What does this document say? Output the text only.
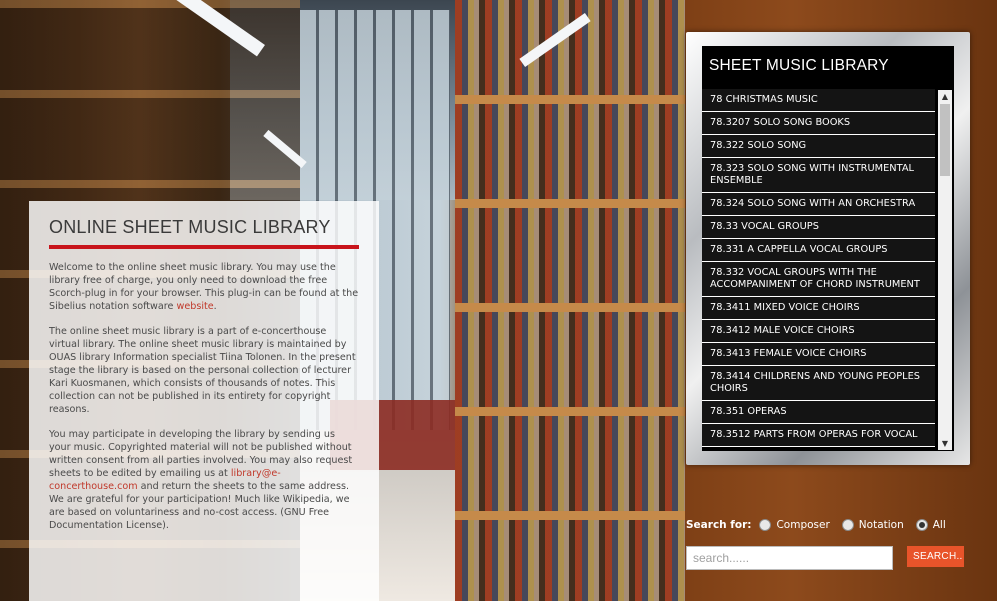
ONLINE SHEET MUSIC LIBRARY

Welcome to the online sheet music library. You may use the library free of charge, you only need to download the free Scorch-plug in for your browser. This plug-in can be found at the Sibelius notation software website.

The online sheet music library is a part of e-concerthouse virtual library. The online sheet music library is maintained by OUAS library Information specialist Tiina Tolonen. In the present stage the library is based on the personal collection of lecturer Kari Kuosmanen, which consists of thousands of notes. This collection can not be published in its entirety for copyright reasons.

You may participate in developing the library by sending us your music. Copyrighted material will not be published without written consent from all parties involved. You may also request sheets to be edited by emailing us at library@e-concerthouse.com and return the sheets to the same address. We are grateful for your participation! Much like Wikipedia, we are based on voluntariness and no-cost access. (GNU Free Documentation License).

SHEET MUSIC LIBRARY
78 CHRISTMAS MUSIC
78.3207 SOLO SONG BOOKS
78.322 SOLO SONG
78.323 SOLO SONG WITH INSTRUMENTAL ENSEMBLE
78.324 SOLO SONG WITH AN ORCHESTRA
78.33 VOCAL GROUPS
78.331 A CAPPELLA VOCAL GROUPS
78.332 VOCAL GROUPS WITH THE ACCOMPANIMENT OF CHORD INSTRUMENT
78.3411 MIXED VOICE CHOIRS
78.3412 MALE VOICE CHOIRS
78.3413 FEMALE VOICE CHOIRS
78.3414 CHILDRENS AND YOUNG PEOPLES CHOIRS
78.351 OPERAS
78.3512 PARTS FROM OPERAS FOR VOCAL
▲
▼
Search for: Composer	Notation	All
search......
SEARCH..
